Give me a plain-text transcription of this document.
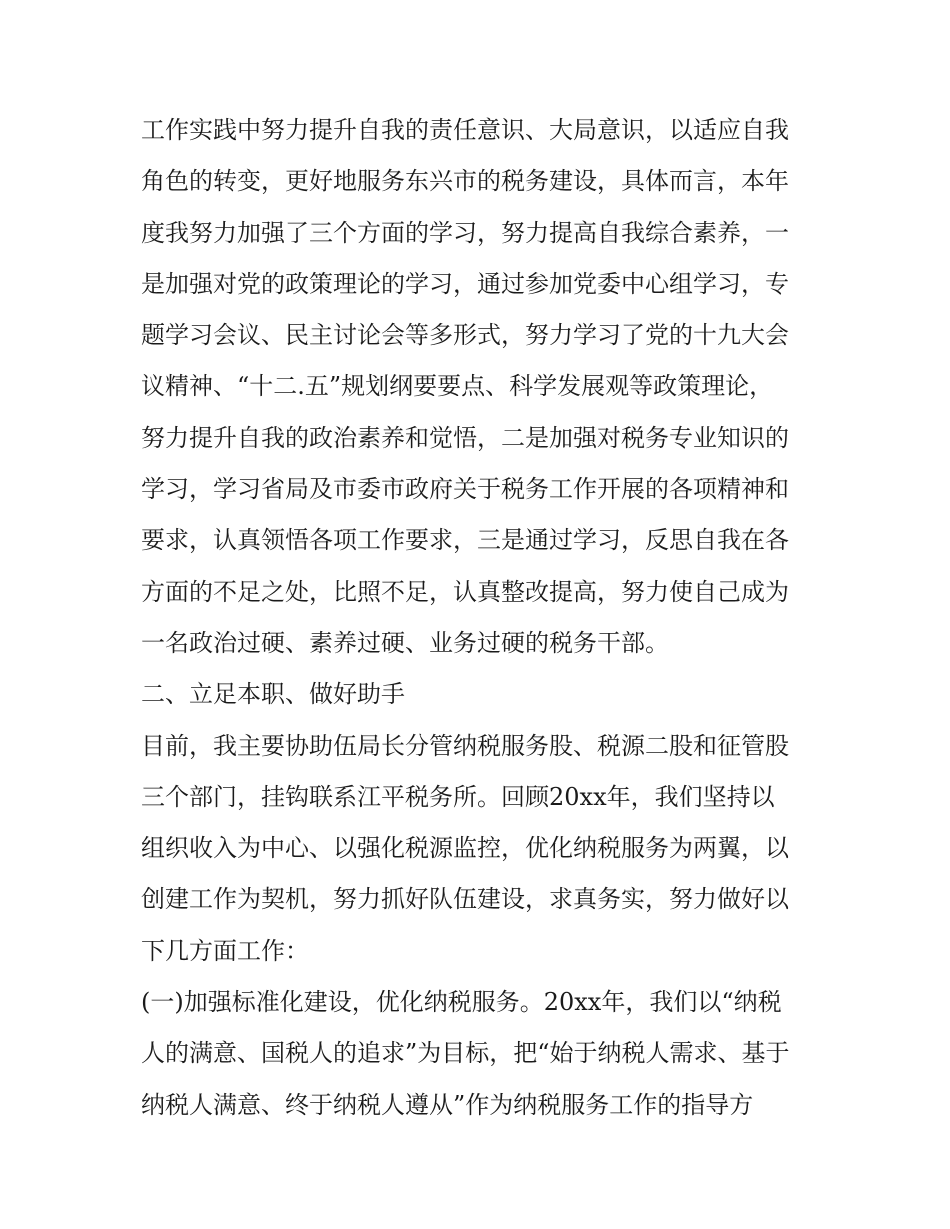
工作实践中努力提升自我的责任意识、大局意识，以适应自我
角色的转变，更好地服务东兴市的税务建设，具体而言，本年
度我努力加强了三个方面的学习，努力提高自我综合素养，一
是加强对党的政策理论的学习，通过参加党委中心组学习，专
题学习会议、民主讨论会等多形式，努力学习了党的十九大会
议精神、“十二.五”规划纲要要点、科学发展观等政策理论，
努力提升自我的政治素养和觉悟，二是加强对税务专业知识的
学习，学习省局及市委市政府关于税务工作开展的各项精神和
要求，认真领悟各项工作要求，三是通过学习，反思自我在各
方面的不足之处，比照不足，认真整改提高，努力使自己成为
一名政治过硬、素养过硬、业务过硬的税务干部。
二、立足本职、做好助手
目前，我主要协助伍局长分管纳税服务股、税源二股和征管股
三个部门，挂钩联系江平税务所。回顾20xx年，我们坚持以
组织收入为中心、以强化税源监控，优化纳税服务为两翼，以
创建工作为契机，努力抓好队伍建设，求真务实，努力做好以
下几方面工作：
(一)加强标准化建设，优化纳税服务。20xx年，我们以“纳税
人的满意、国税人的追求”为目标，把“始于纳税人需求、基于
纳税人满意、终于纳税人遵从”作为纳税服务工作的指导方
